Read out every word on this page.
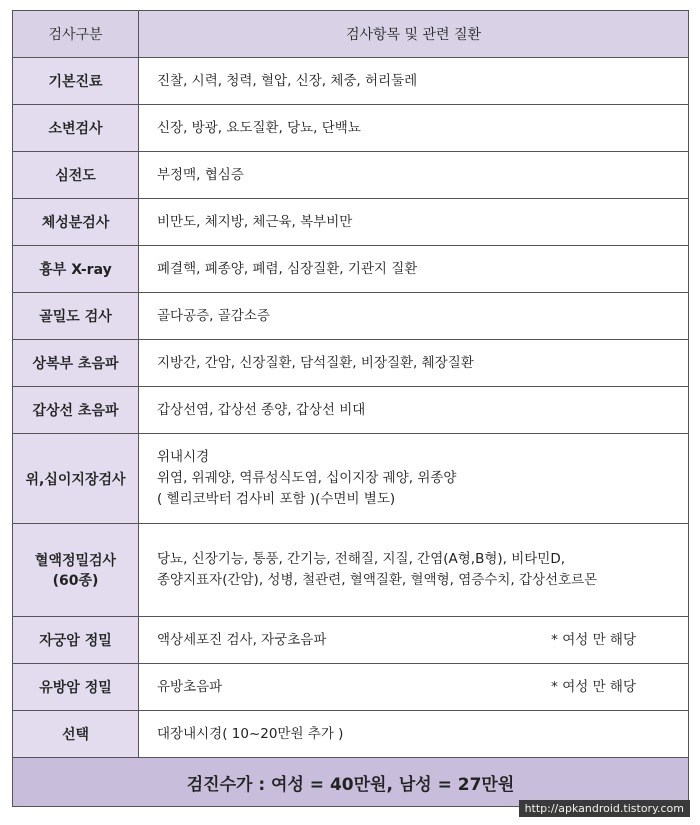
검사구분	검사항목 및 관련 질환
기본진료	진찰, 시력, 청력, 혈압, 신장, 체중, 허리둘레
소변검사	신장, 방광, 요도질환, 당뇨, 단백뇨
심전도	부정맥, 협심증
체성분검사	비만도, 체지방, 체근육, 복부비만
흉부 X-ray	폐결핵, 폐종양, 폐렴, 심장질환, 기관지 질환
골밀도 검사	골다공증, 골감소증
상복부 초음파	지방간, 간암, 신장질환, 담석질환, 비장질환, 췌장질환
갑상선 초음파	갑상선염, 갑상선 종양, 갑상선 비대
위,십이지장검사	위내시경
위염, 위궤양, 역류성식도염, 십이지장 궤양, 위종양
( 헬리코박터 검사비 포함 )(수면비 별도)

혈액정밀검사
(60종)	당뇨, 신장기능, 통풍, 간기능, 전해질, 지질, 간염(A형,B형), 비타민D,
종양지표자(간암), 성병, 철관련, 혈액질환, 혈액형, 염증수치, 갑상선호르몬

자궁암 정밀	액상세포진 검사, 자궁초음파 * 여성 만 해당

유방암 정밀	유방초음파 * 여성 만 해당

선택	대장내시경( 10~20만원 추가 )
검진수가 : 여성 = 40만원, 남성 = 27만원	
http://apkandroid.tistory.com
